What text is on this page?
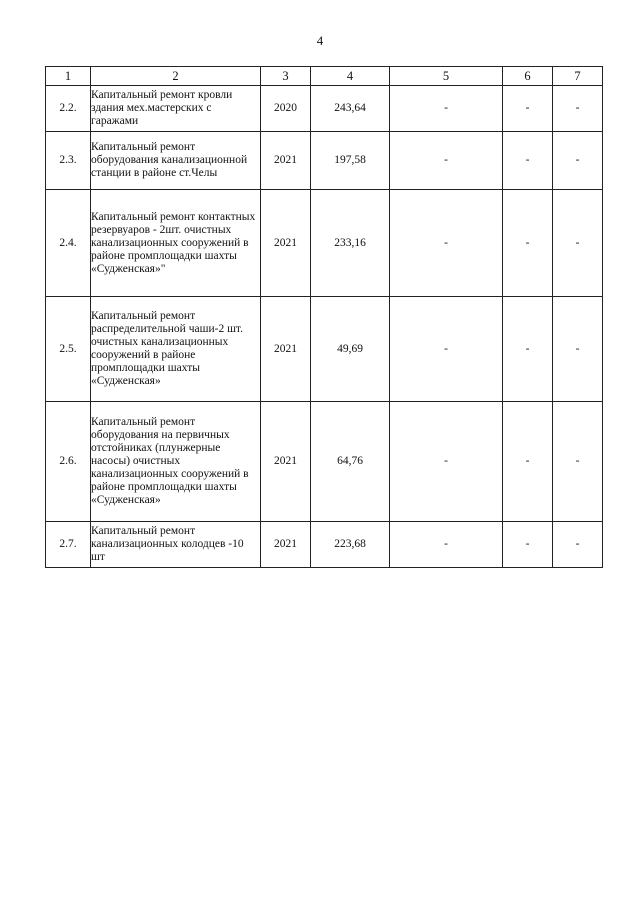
4
1	2	3	4	5	6	7
2.2.	Капитальный ремонт кровли здания мех.мастерских с гаражами	2020	243,64	-	-	-
2.3.	Капитальный ремонт оборудования канализационной станции в районе ст.Челы	2021	197,58	-	-	-
2.4.	Капитальный ремонт контактных резервуаров - 2шт. очистных канализационных сооружений в районе промплощадки шахты «Судженская»"	2021	233,16	-	-	-
2.5.	Капитальный ремонт распределительной чаши-2 шт. очистных канализационных сооружений в районе промплощадки шахты «Судженская»	2021	49,69	-	-	-
2.6.	Капитальный ремонт оборудования на первичных отстойниках (плунжерные насосы) очистных канализационных сооружений в районе промплощадки шахты «Судженская»	2021	64,76	-	-	-
2.7.	Капитальный ремонт канализационных колодцев -10 шт	2021	223,68	-	-	-
